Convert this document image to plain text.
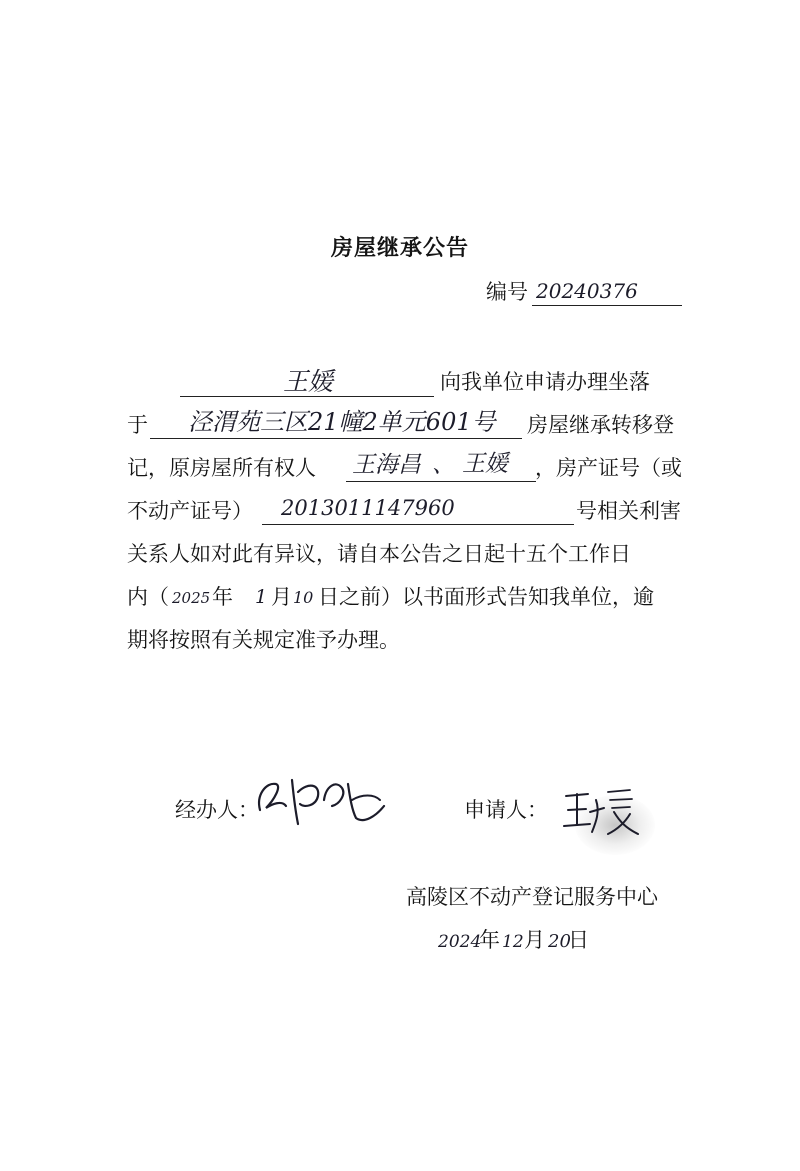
房屋继承公告
编号 20240376
王媛	向我单位申请办理坐落
于 泾渭苑三区21幢2单元601号 房屋继承转移登
记，原房屋所有权人 王海昌 、 王媛 ，房产证号（或
不动产证号） 2013011147960	号相关利害
关系人如对此有异议，请自本公告之日起十五个工作日
内（ 2025 年 1 月 10 日之前）以书面形式告知我单位，逾
期将按照有关规定准予办理。
经办人：	申请人：
高陵区不动产登记服务中心
2024
年 12 月 20
日
